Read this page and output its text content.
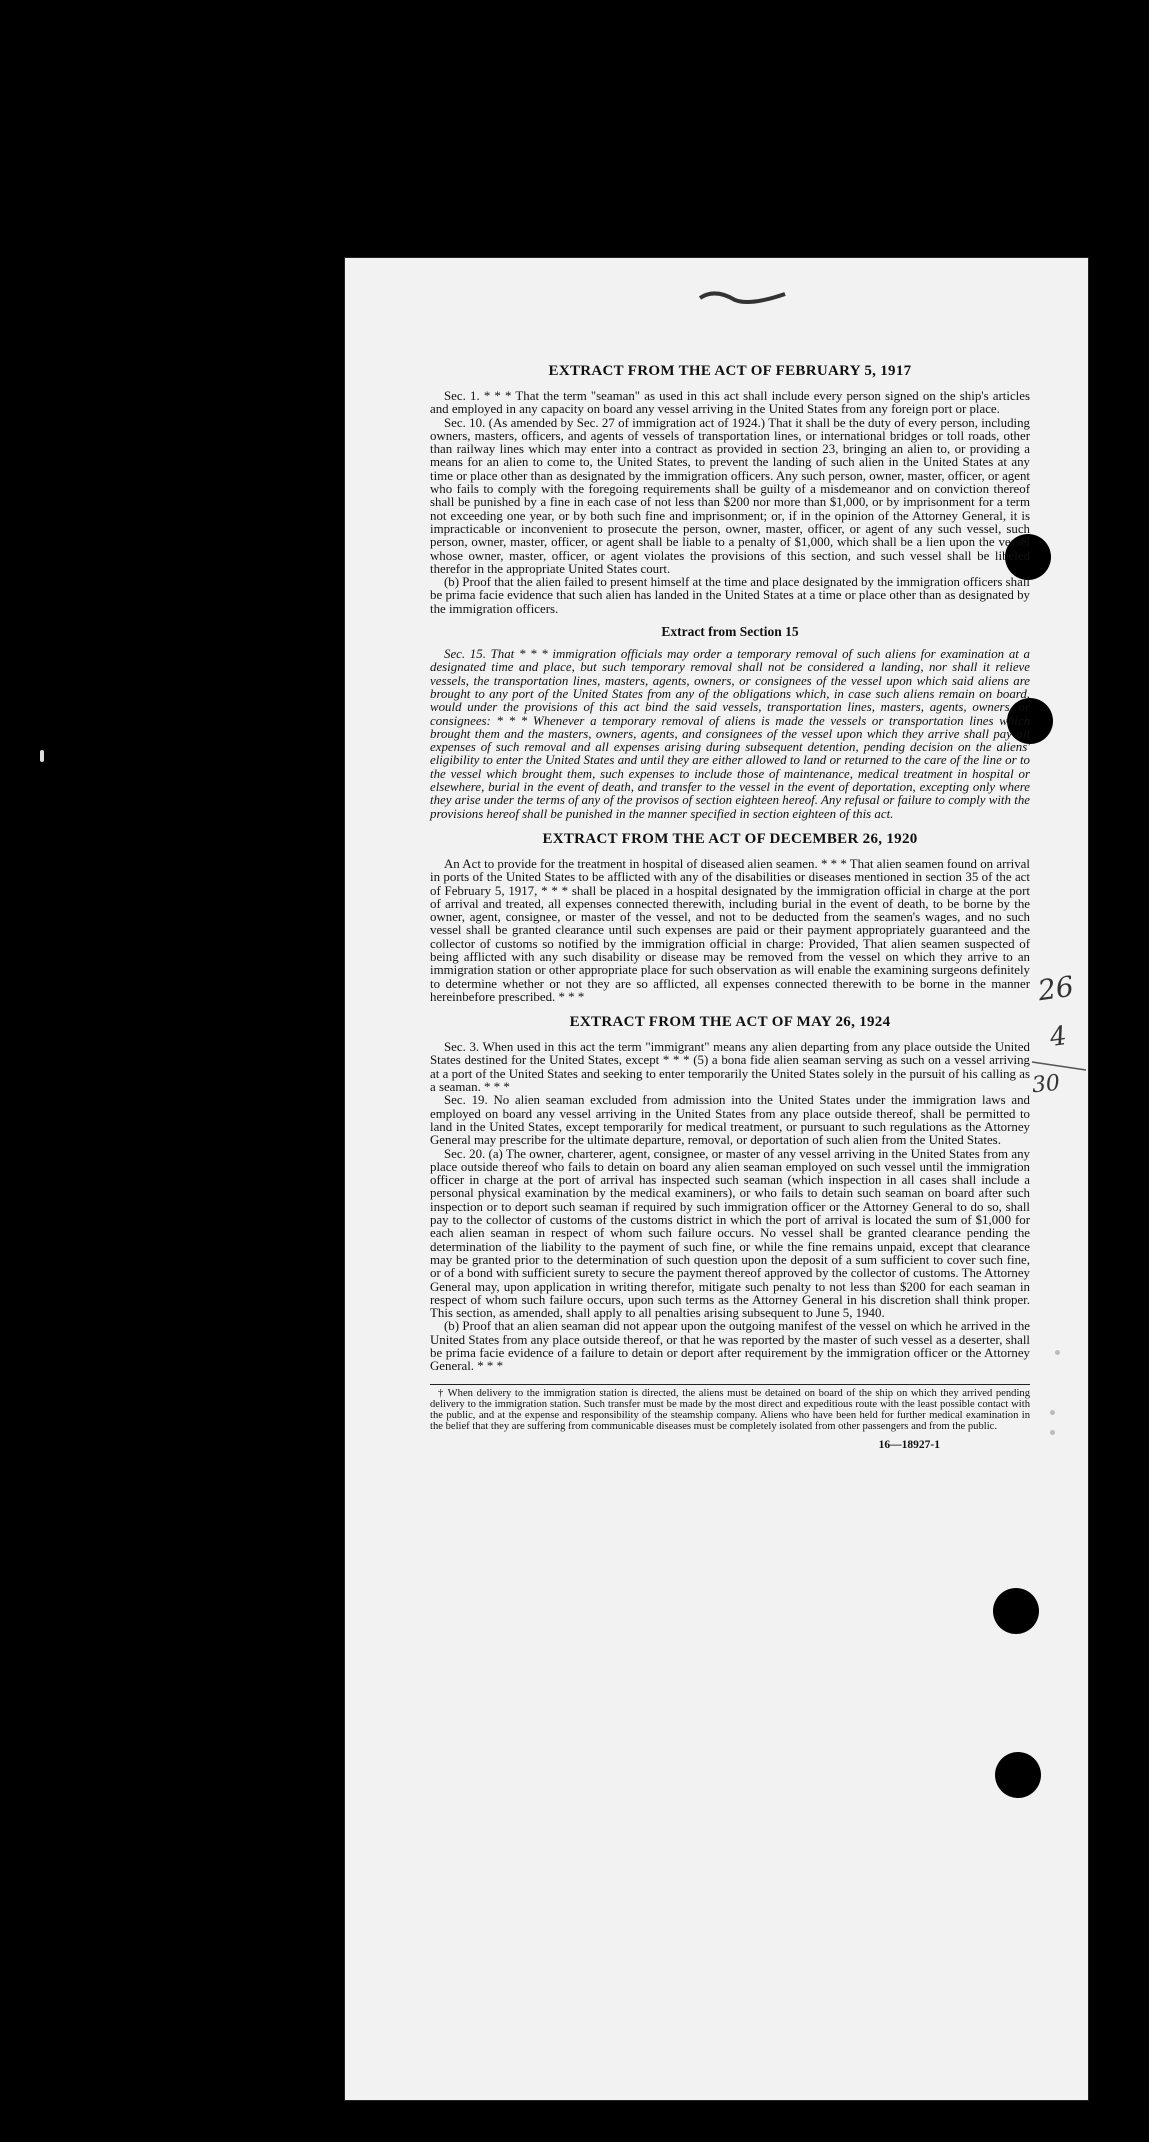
EXTRACT FROM THE ACT OF FEBRUARY 5, 1917

Sec. 1. * * * That the term "seaman" as used in this act shall include every person signed on the ship's articles and employed in any capacity on board any vessel arriving in the United States from any foreign port or place.

Sec. 10. (As amended by Sec. 27 of immigration act of 1924.) That it shall be the duty of every person, including owners, masters, officers, and agents of vessels of transportation lines, or international bridges or toll roads, other than railway lines which may enter into a contract as provided in section 23, bringing an alien to, or providing a means for an alien to come to, the United States, to prevent the landing of such alien in the United States at any time or place other than as designated by the immigration officers. Any such person, owner, master, officer, or agent who fails to comply with the foregoing requirements shall be guilty of a misdemeanor and on conviction thereof shall be punished by a fine in each case of not less than $200 nor more than $1,000, or by imprisonment for a term not exceeding one year, or by both such fine and imprisonment; or, if in the opinion of the Attorney General, it is impracticable or inconvenient to prosecute the person, owner, master, officer, or agent of any such vessel, such person, owner, master, officer, or agent shall be liable to a penalty of $1,000, which shall be a lien upon the vessel whose owner, master, officer, or agent violates the provisions of this section, and such vessel shall be libeled therefor in the appropriate United States court.

(b) Proof that the alien failed to present himself at the time and place designated by the immigration officers shall be prima facie evidence that such alien has landed in the United States at a time or place other than as designated by the immigration officers.

Extract from Section 15

Sec. 15. That * * * immigration officials may order a temporary removal of such aliens for examination at a designated time and place, but such temporary removal shall not be considered a landing, nor shall it relieve vessels, the transportation lines, masters, agents, owners, or consignees of the vessel upon which said aliens are brought to any port of the United States from any of the obligations which, in case such aliens remain on board, would under the provisions of this act bind the said vessels, transportation lines, masters, agents, owners, or consignees: * * * Whenever a temporary removal of aliens is made the vessels or transportation lines which brought them and the masters, owners, agents, and consignees of the vessel upon which they arrive shall pay all expenses of such removal and all expenses arising during subsequent detention, pending decision on the aliens' eligibility to enter the United States and until they are either allowed to land or returned to the care of the line or to the vessel which brought them, such expenses to include those of maintenance, medical treatment in hospital or elsewhere, burial in the event of death, and transfer to the vessel in the event of deportation, excepting only where they arise under the terms of any of the provisos of section eighteen hereof. Any refusal or failure to comply with the provisions hereof shall be punished in the manner specified in section eighteen of this act.

EXTRACT FROM THE ACT OF DECEMBER 26, 1920

An Act to provide for the treatment in hospital of diseased alien seamen. * * * That alien seamen found on arrival in ports of the United States to be afflicted with any of the disabilities or diseases mentioned in section 35 of the act of February 5, 1917, * * * shall be placed in a hospital designated by the immigration official in charge at the port of arrival and treated, all expenses connected therewith, including burial in the event of death, to be borne by the owner, agent, consignee, or master of the vessel, and not to be deducted from the seamen's wages, and no such vessel shall be granted clearance until such expenses are paid or their payment appropriately guaranteed and the collector of customs so notified by the immigration official in charge: Provided, That alien seamen suspected of being afflicted with any such disability or disease may be removed from the vessel on which they arrive to an immigration station or other appropriate place for such observation as will enable the examining surgeons definitely to determine whether or not they are so afflicted, all expenses connected therewith to be borne in the manner hereinbefore prescribed. * * *

EXTRACT FROM THE ACT OF MAY 26, 1924

Sec. 3. When used in this act the term "immigrant" means any alien departing from any place outside the United States destined for the United States, except * * * (5) a bona fide alien seaman serving as such on a vessel arriving at a port of the United States and seeking to enter temporarily the United States solely in the pursuit of his calling as a seaman. * * *

Sec. 19. No alien seaman excluded from admission into the United States under the immigration laws and employed on board any vessel arriving in the United States from any place outside thereof, shall be permitted to land in the United States, except temporarily for medical treatment, or pursuant to such regulations as the Attorney General may prescribe for the ultimate departure, removal, or deportation of such alien from the United States.

Sec. 20. (a) The owner, charterer, agent, consignee, or master of any vessel arriving in the United States from any place outside thereof who fails to detain on board any alien seaman employed on such vessel until the immigration officer in charge at the port of arrival has inspected such seaman (which inspection in all cases shall include a personal physical examination by the medical examiners), or who fails to detain such seaman on board after such inspection or to deport such seaman if required by such immigration officer or the Attorney General to do so, shall pay to the collector of customs of the customs district in which the port of arrival is located the sum of $1,000 for each alien seaman in respect of whom such failure occurs. No vessel shall be granted clearance pending the determination of the liability to the payment of such fine, or while the fine remains unpaid, except that clearance may be granted prior to the determination of such question upon the deposit of a sum sufficient to cover such fine, or of a bond with sufficient surety to secure the payment thereof approved by the collector of customs. The Attorney General may, upon application in writing therefor, mitigate such penalty to not less than $200 for each seaman in respect of whom such failure occurs, upon such terms as the Attorney General in his discretion shall think proper. This section, as amended, shall apply to all penalties arising subsequent to June 5, 1940.

(b) Proof that an alien seaman did not appear upon the outgoing manifest of the vessel on which he arrived in the United States from any place outside thereof, or that he was reported by the master of such vessel as a deserter, shall be prima facie evidence of a failure to detain or deport after requirement by the immigration officer or the Attorney General. * * *

† When delivery to the immigration station is directed, the aliens must be detained on board of the ship on which they arrived pending delivery to the immigration station. Such transfer must be made by the most direct and expeditious route with the least possible contact with the public, and at the expense and responsibility of the steamship company. Aliens who have been held for further medical examination in the belief that they are suffering from communicable diseases must be completely isolated from other passengers and from the public.

16—18927-1
26
4
30
